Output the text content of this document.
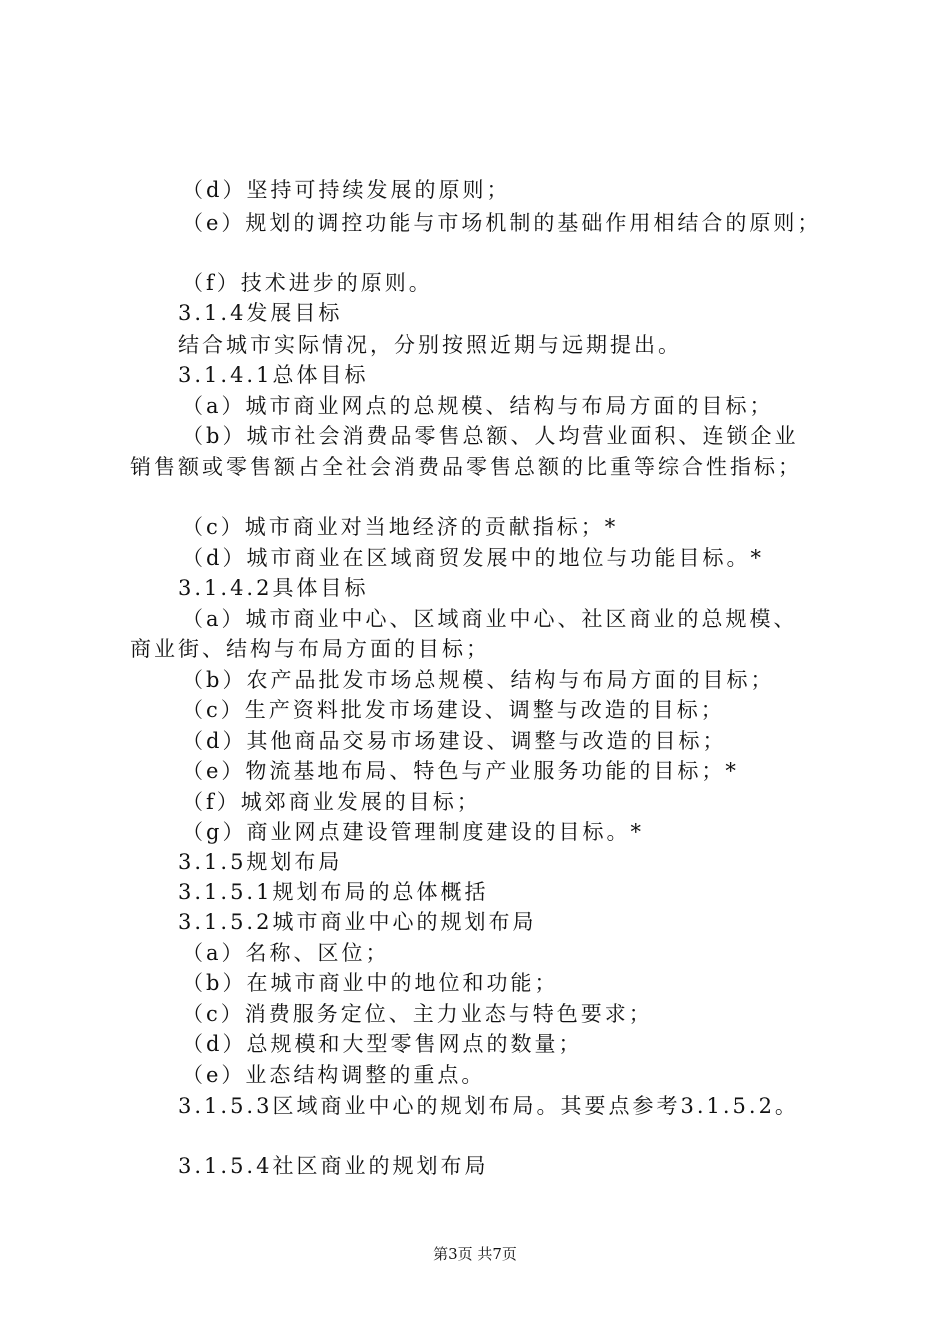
（d）坚持可持续发展的原则；
（e）规划的调控功能与市场机制的基础作用相结合的原则；
（f）技术进步的原则。
3.1.4发展目标
结合城市实际情况，分别按照近期与远期提出。
3.1.4.1总体目标
（a）城市商业网点的总规模、结构与布局方面的目标；
（b）城市社会消费品零售总额、人均营业面积、连锁企业
销售额或零售额占全社会消费品零售总额的比重等综合性指标；
（c）城市商业对当地经济的贡献指标；*
（d）城市商业在区域商贸发展中的地位与功能目标。*
3.1.4.2具体目标
（a）城市商业中心、区域商业中心、社区商业的总规模、
商业街、结构与布局方面的目标；
（b）农产品批发市场总规模、结构与布局方面的目标；
（c）生产资料批发市场建设、调整与改造的目标；
（d）其他商品交易市场建设、调整与改造的目标；
（e）物流基地布局、特色与产业服务功能的目标；*
（f）城郊商业发展的目标；
（g）商业网点建设管理制度建设的目标。*
3.1.5规划布局
3.1.5.1规划布局的总体概括
3.1.5.2城市商业中心的规划布局
（a）名称、区位；
（b）在城市商业中的地位和功能；
（c）消费服务定位、主力业态与特色要求；
（d）总规模和大型零售网点的数量；
（e）业态结构调整的重点。
3.1.5.3区域商业中心的规划布局。其要点参考3.1.5.2。
3.1.5.4社区商业的规划布局
第3页 共7页
